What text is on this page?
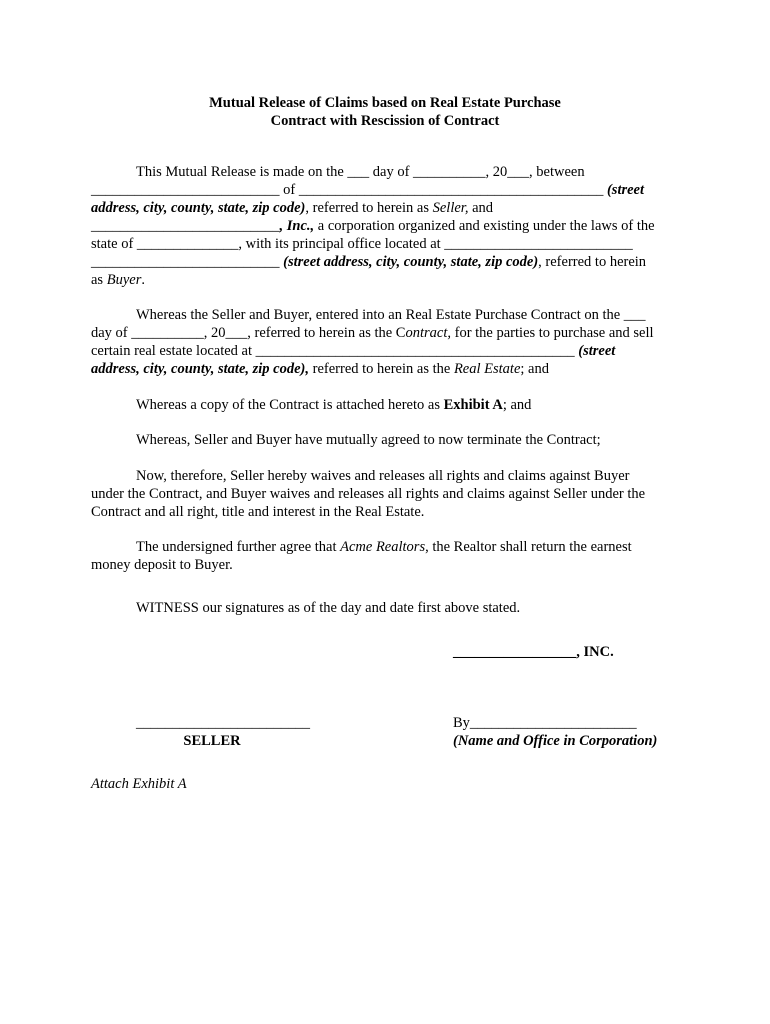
Mutual Release of Claims based on Real Estate Purchase
Contract with Rescission of Contract
This Mutual Release is made on the ___ day of __________, 20___, between
__________________________ of __________________________________________ (street
address, city, county, state, zip code), referred to herein as Seller, and
__________________________, Inc., a corporation organized and existing under the laws of the
state of ______________, with its principal office located at __________________________
__________________________ (street address, city, county, state, zip code), referred to herein
as Buyer.
Whereas the Seller and Buyer, entered into an Real Estate Purchase Contract on the ___
day of __________, 20___, referred to herein as the Contract, for the parties to purchase and sell
certain real estate located at ____________________________________________ (street
address, city, county, state, zip code), referred to herein as the Real Estate; and
Whereas a copy of the Contract is attached hereto as Exhibit A; and
Whereas, Seller and Buyer have mutually agreed to now terminate the Contract;
Now, therefore, Seller hereby waives and releases all rights and claims against Buyer
under the Contract, and Buyer waives and releases all rights and claims against Seller under the
Contract and all right, title and interest in the Real Estate.
The undersigned further agree that Acme Realtors, the Realtor shall return the earnest
money deposit to Buyer.
WITNESS our signatures as of the day and date first above stated.
_________________, INC.
________________________
SELLER
By_______________________
(Name and Office in Corporation)
Attach Exhibit A
